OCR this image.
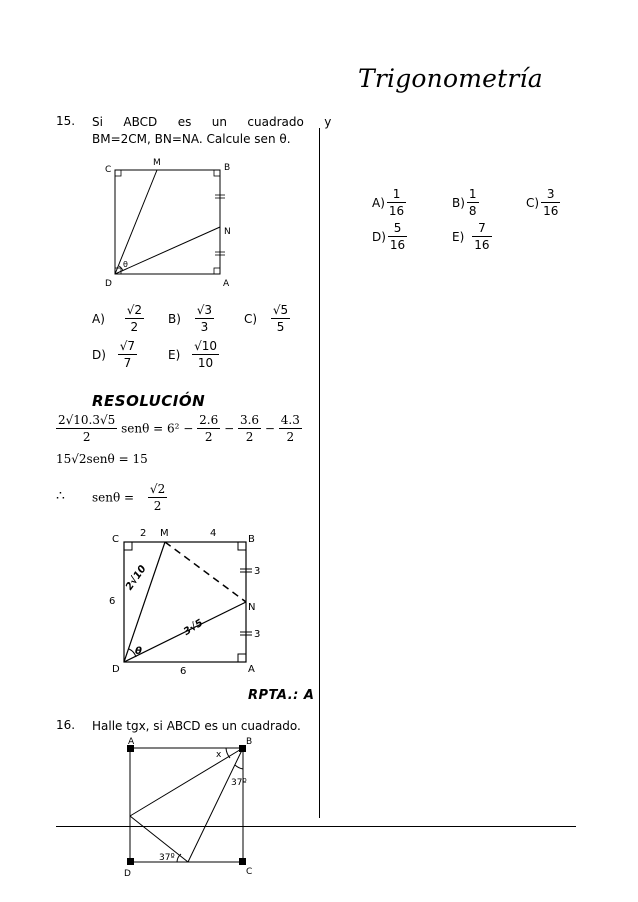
Trigonometría
15. Si   ABCD   es   un   cuadrado   y
BM=2CM, BN=NA. Calcule sen θ.
C
M	B
N
D	A
θ
$A) \frac{√2}{2} B) \frac{√3}{3} C) \frac{√5}{5}$
$D) \frac{√7}{7}$	$E) \frac{√10}{10}$
RESOLUCIÓN
$\frac{2√10.3√5}{2}$ $sen\theta = 6^2 - \frac{2.6}{2} - \frac{3.6}{2} - \frac{4.3}{2}$
15√2senθ = 15
∴ $sen\theta = \frac{√2}{2}$
C
2 M	4
B
3
N
3
6
D	6	A
2√10
3√5
θ
RPTA.: A
16. Halle tgx, si ABCD es un cuadrado.
A	B
x
37º
37º
D	C
$A) \frac{1}{16}$	$B) \frac{1}{8}$	$C) \frac{3}{16}$
$D) \frac{5}{16}$	$E) \frac{7}{16}$
